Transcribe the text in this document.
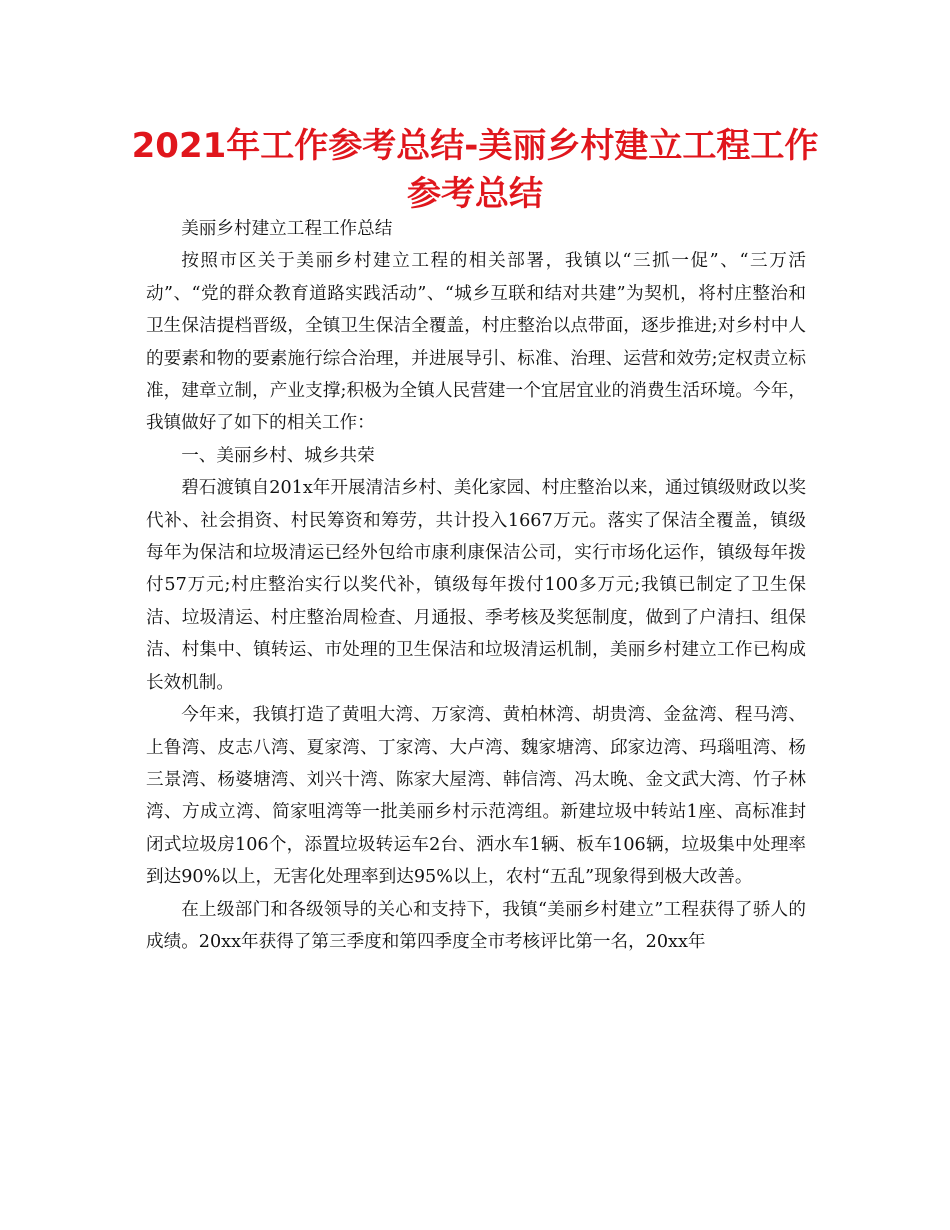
2021年工作参考总结-美丽乡村建立工程工作参考总结

美丽乡村建立工程工作总结

按照市区关于美丽乡村建立工程的相关部署，我镇以“三抓一促”、“三万活动”、“党的群众教育道路实践活动”、“城乡互联和结对共建”为契机，将村庄整治和卫生保洁提档晋级，全镇卫生保洁全覆盖，村庄整治以点带面，逐步推进;对乡村中人的要素和物的要素施行综合治理，并进展导引、标准、治理、运营和效劳;定权责立标准，建章立制，产业支撑;积极为全镇人民营建一个宜居宜业的消费生活环境。今年，我镇做好了如下的相关工作：

一、美丽乡村、城乡共荣

碧石渡镇自201x年开展清洁乡村、美化家园、村庄整治以来，通过镇级财政以奖代补、社会捐资、村民筹资和筹劳，共计投入1667万元。落实了保洁全覆盖，镇级每年为保洁和垃圾清运已经外包给市康利康保洁公司，实行市场化运作，镇级每年拨付57万元;村庄整治实行以奖代补，镇级每年拨付100多万元;我镇已制定了卫生保洁、垃圾清运、村庄整治周检查、月通报、季考核及奖惩制度，做到了户清扫、组保洁、村集中、镇转运、市处理的卫生保洁和垃圾清运机制，美丽乡村建立工作已构成长效机制。

今年来，我镇打造了黄咀大湾、万家湾、黄柏林湾、胡贵湾、金盆湾、程马湾、上鲁湾、皮志八湾、夏家湾、丁家湾、大卢湾、魏家塘湾、邱家边湾、玛瑙咀湾、杨三景湾、杨婆塘湾、刘兴十湾、陈家大屋湾、韩信湾、冯太晚、金文武大湾、竹子林湾、方成立湾、简家咀湾等一批美丽乡村示范湾组。新建垃圾中转站1座、高标准封闭式垃圾房106个，添置垃圾转运车2台、洒水车1辆、板车106辆，垃圾集中处理率到达90%以上，无害化处理率到达95%以上，农村“五乱”现象得到极大改善。

在上级部门和各级领导的关心和支持下，我镇“美丽乡村建立”工程获得了骄人的成绩。20xx年获得了第三季度和第四季度全市考核评比第一名，20xx年
